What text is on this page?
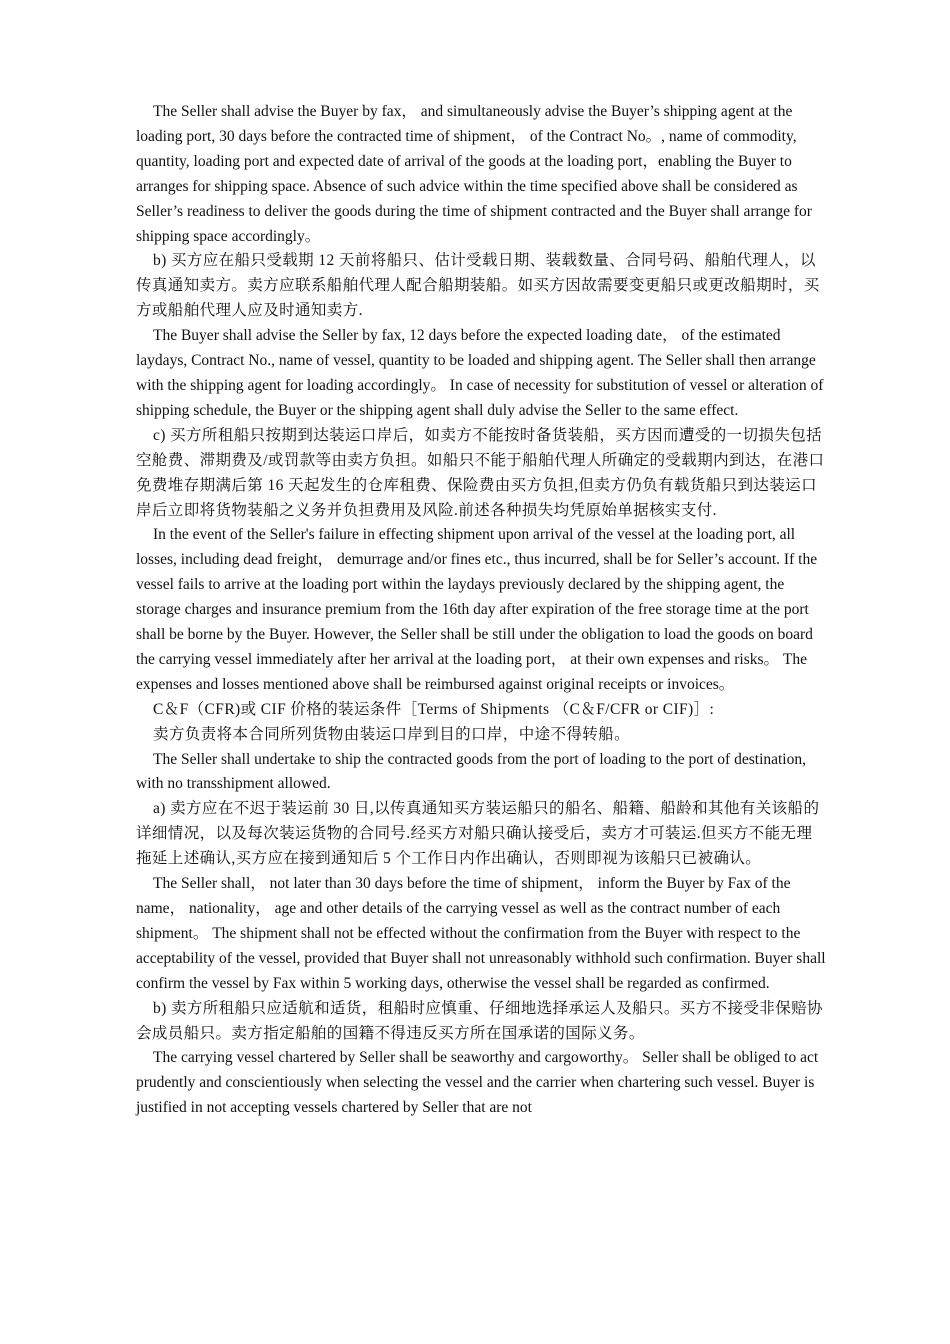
The Seller shall advise the Buyer by fax， and simultaneously advise the Buyer’s shipping agent at the loading port, 30 days before the contracted time of shipment， of the Contract No。, name of commodity, quantity, loading port and expected date of arrival of the goods at the loading port，enabling the Buyer to arranges for shipping space. Absence of such advice within the time specified above shall be considered as Seller’s readiness to deliver the goods during the time of shipment contracted and the Buyer shall arrange for shipping space accordingly。

b) 买方应在船只受载期 12 天前将船只、估计受载日期、装载数量、合同号码、船舶代理人，以传真通知卖方。卖方应联系船舶代理人配合船期装船。如买方因故需要变更船只或更改船期时，买方或船舶代理人应及时通知卖方.

The Buyer shall advise the Seller by fax, 12 days before the expected loading date， of the estimated laydays, Contract No., name of vessel, quantity to be loaded and shipping agent. The Seller shall then arrange with the shipping agent for loading accordingly。 In case of necessity for substitution of vessel or alteration of shipping schedule, the Buyer or the shipping agent shall duly advise the Seller to the same effect.

c) 买方所租船只按期到达装运口岸后，如卖方不能按时备货装船，买方因而遭受的一切损失包括空舱费、滞期费及/或罚款等由卖方负担。如船只不能于船舶代理人所确定的受载期内到达，在港口免费堆存期满后第 16 天起发生的仓库租费、保险费由买方负担,但卖方仍负有载货船只到达装运口岸后立即将货物装船之义务并负担费用及风险.前述各种损失均凭原始单据核实支付.

In the event of the Seller's failure in effecting shipment upon arrival of the vessel at the loading port, all losses, including dead freight， demurrage and/or fines etc., thus incurred, shall be for Seller’s account. If the vessel fails to arrive at the loading port within the laydays previously declared by the shipping agent, the storage charges and insurance premium from the 16th day after expiration of the free storage time at the port shall be borne by the Buyer. However, the Seller shall be still under the obligation to load the goods on board the carrying vessel immediately after her arrival at the loading port， at their own expenses and risks。 The expenses and losses mentioned above shall be reimbursed against original receipts or invoices。

C＆F（CFR)或 CIF 价格的装运条件［Terms of Shipments （C＆F/CFR or CIF)］:

卖方负责将本合同所列货物由装运口岸到目的口岸，中途不得转船。

The Seller shall undertake to ship the contracted goods from the port of loading to the port of destination, with no transshipment allowed.

a) 卖方应在不迟于装运前 30 日,以传真通知买方装运船只的船名、船籍、船龄和其他有关该船的详细情况，以及每次装运货物的合同号.经买方对船只确认接受后，卖方才可装运.但买方不能无理拖延上述确认,买方应在接到通知后 5 个工作日内作出确认，否则即视为该船只已被确认。

The Seller shall， not later than 30 days before the time of shipment， inform the Buyer by Fax of the name， nationality， age and other details of the carrying vessel as well as the contract number of each shipment。 The shipment shall not be effected without the confirmation from the Buyer with respect to the acceptability of the vessel, provided that Buyer shall not unreasonably withhold such confirmation. Buyer shall confirm the vessel by Fax within 5 working days, otherwise the vessel shall be regarded as confirmed.

b) 卖方所租船只应适航和适货，租船时应慎重、仔细地选择承运人及船只。买方不接受非保赔协会成员船只。卖方指定船舶的国籍不得违反买方所在国承诺的国际义务。

The carrying vessel chartered by Seller shall be seaworthy and cargoworthy。 Seller shall be obliged to act prudently and conscientiously when selecting the vessel and the carrier when chartering such vessel. Buyer is justified in not accepting vessels chartered by Seller that are not
